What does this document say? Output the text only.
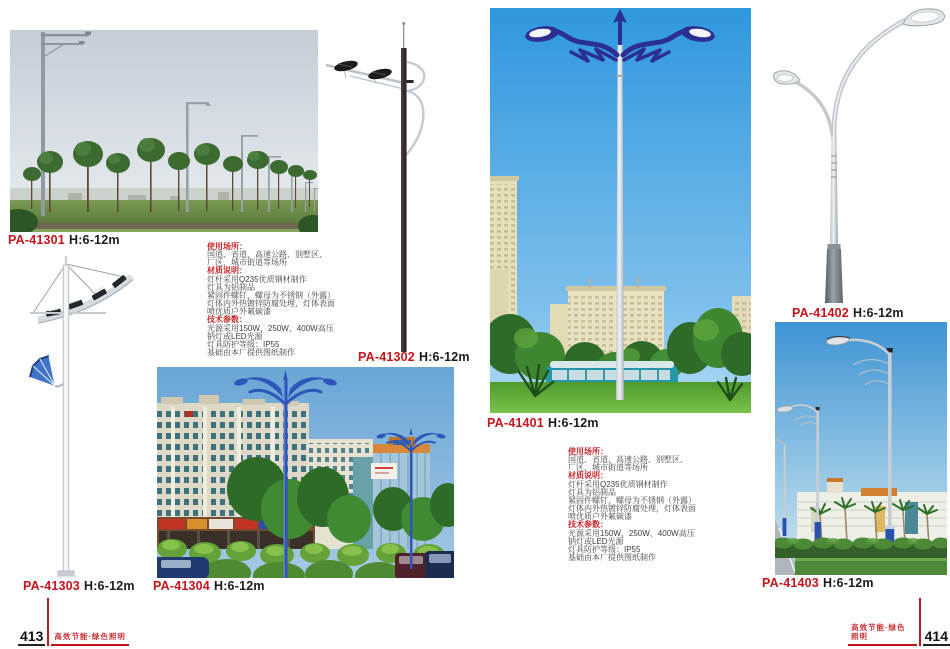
PA-41301 H:6-12m
PA-41302 H:6-12m
PA-41303 H:6-12m PA-41304 H:6-12m
PA-41401 H:6-12m
PA-41402 H:6-12m
PA-41403 H:6-12m
使用场所：
国道、省道、高速公路、别墅区、
厂区、城市街道等场所
材质说明：
灯杆采用Q235优质钢材制作
灯具为铝制品
紧固件螺钉、螺母为不锈钢（外露）
灯体内外热镀锌防腐处理，灯体表面
喷优质户外氟碳漆
技术参数：
光源采用150W、250W、400W高压
钠灯或LED光源
灯具防护等级：IP55
基础由本厂提供图纸制作
使用场所：
国道、省道、高速公路、别墅区、
厂区、城市街道等场所
材质说明：
灯杆采用Q235优质钢材制作
灯具为铝制品
紧固件螺钉、螺母为不锈钢（外露）
灯体内外热镀锌防腐处理，灯体表面
喷优质户外氟碳漆
技术参数：
光源采用150W、250W、400W高压
钠灯或LED光源
灯具防护等级：IP55
基础由本厂提供图纸制作
413	高效节能·绿色照明
高效节能·绿色照明	414
